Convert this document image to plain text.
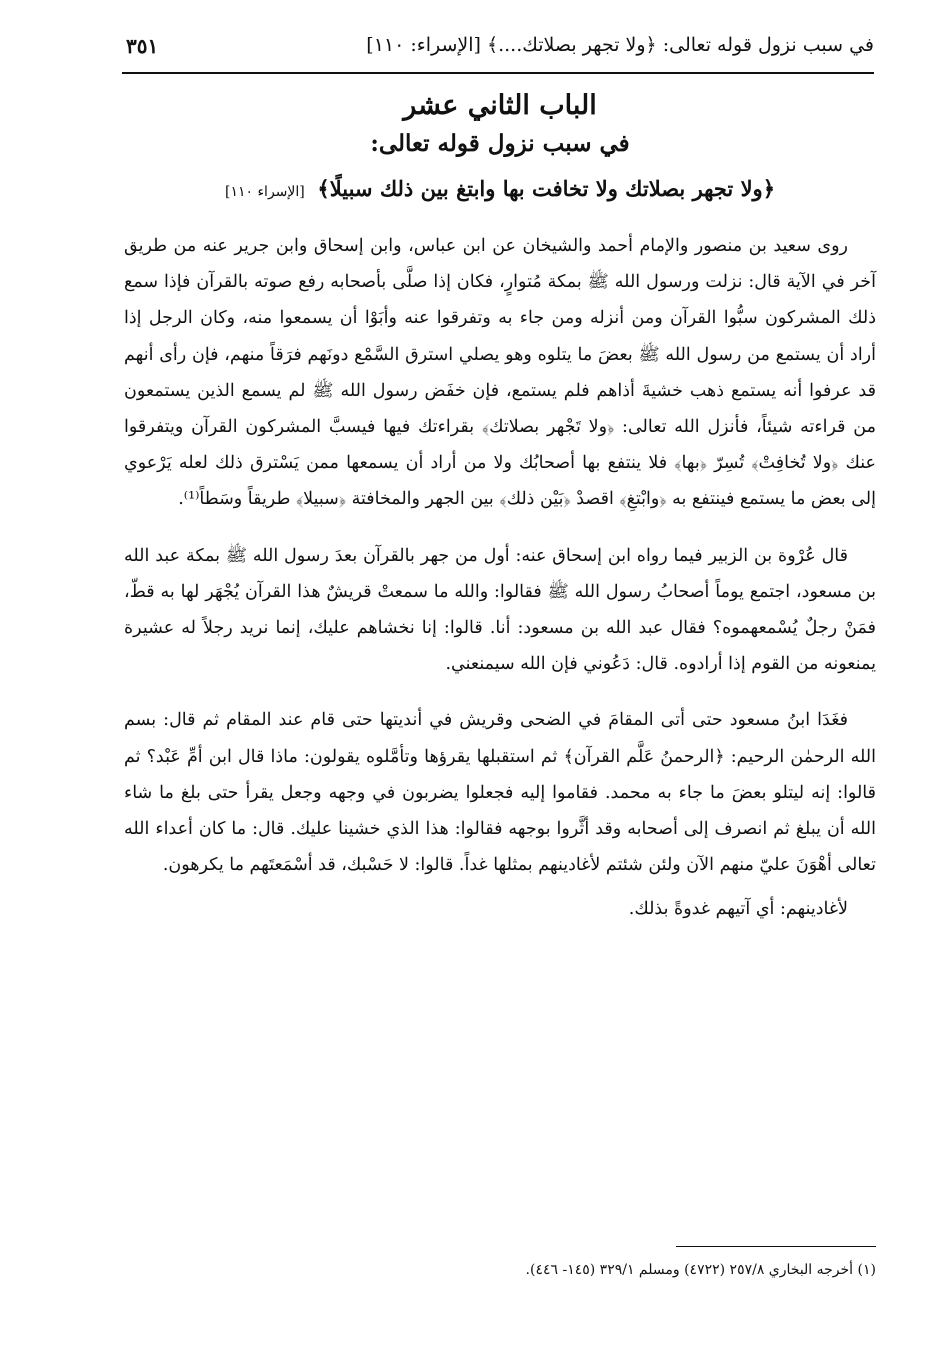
في سبب نزول قوله تعالى: ﴿ولا تجهر بصلاتك....﴾ [الإسراء: ١١٠]
٣٥١
الباب الثاني عشر
في سبب نزول قوله تعالى:
﴿ولا تجهر بصلاتك ولا تخافت بها وابتغ بين ذلك سبيلًا﴾ [الإسراء ١١٠]

روى سعيد بن منصور والإمام أحمد والشيخان عن ابن عباس، وابن إسحاق وابن جرير عنه من طريق آخر في الآية قال: نزلت ورسول الله ﷺ بمكة مُتوارٍ، فكان إذا صلَّى بأصحابه رفع صوته بالقرآن فإذا سمع ذلك المشركون سبُّوا القرآن ومن أنزله ومن جاء به وتفرقوا عنه وأبَوْا أن يسمعوا منه، وكان الرجل إذا أراد أن يستمع من رسول الله ﷺ بعضَ ما يتلوه وهو يصلي استرق السَّمْع دونَهم فرَقاً منهم، فإن رأى أنهم قد عرفوا أنه يستمع ذهب خشيةَ أذاهم فلم يستمع، فإن خفَض رسول الله ﷺ لم يسمع الذين يستمعون من قراءته شيئاً، فأنزل الله تعالى: ﴿ولا تَجْهر بصلاتك﴾ بقراءتك فيها فيسبَّ المشركون القرآن ويتفرقوا عنك ﴿ولا تُخافِتْ﴾ تُسِرّ ﴿بها﴾ فلا ينتفع بها أصحابُك ولا من أراد أن يسمعها ممن يَسْترق ذلك لعله يَرْعوي إلى بعض ما يستمع فينتفع به ﴿وابْتغِ﴾ اقصدْ ﴿بَيْن ذلك﴾ بين الجهر والمخافتة ﴿سبيلا﴾ طريقاً وسَطاً⁽¹⁾.

قال عُرْوة بن الزبير فيما رواه ابن إسحاق عنه: أول من جهر بالقرآن بعدَ رسول الله ﷺ بمكة عبد الله بن مسعود، اجتمع يوماً أصحابُ رسول الله ﷺ فقالوا: والله ما سمعتْ قريشٌ هذا القرآن يُجْهَر لها به قطّ، فمَنْ رجلٌ يُسْمعهموه؟ فقال عبد الله بن مسعود: أنا. قالوا: إنا نخشاهم عليك، إنما نريد رجلاً له عشيرة يمنعونه من القوم إذا أرادوه. قال: دَعُوني فإن الله سيمنعني.

فغَدَا ابنُ مسعود حتى أتى المقامَ في الضحى وقريش في أنديتها حتى قام عند المقام ثم قال: بسم الله الرحمٰن الرحيم: ﴿الرحمنُ عَلَّم القرآن﴾ ثم استقبلها يقرؤها وتأمَّلوه يقولون: ماذا قال ابن أمِّ عَبْد؟ ثم قالوا: إنه ليتلو بعضَ ما جاء به محمد. فقاموا إليه فجعلوا يضربون في وجهه وجعل يقرأ حتى بلغ ما شاء الله أن يبلغ ثم انصرف إلى أصحابه وقد أثَّروا بوجهه فقالوا: هذا الذي خشينا عليك. قال: ما كان أعداء الله تعالى أهْوَنَ عليّ منهم الآن ولئن شئتم لأغادينهم بمثلها غداً. قالوا: لا حَسْبك، قد أسْمَعتَهم ما يكرهون.

لأغادينهم: أي آتيهم غدوةً بذلك.

(١) أخرجه البخاري ٢٥٧/٨ (٤٧٢٢) ومسلم ٣٢٩/١ (١٤٥- ٤٤٦).
